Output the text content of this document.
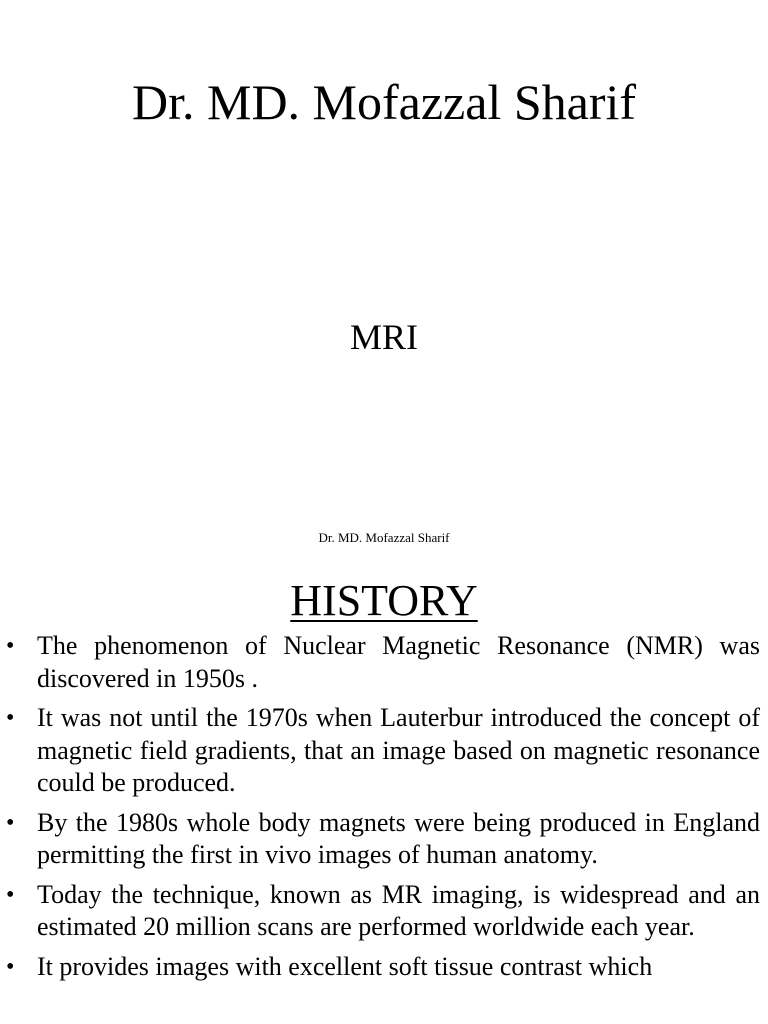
Dr. MD. Mofazzal Sharif
MRI
Dr. MD. Mofazzal Sharif
HISTORY
• The phenomenon of Nuclear Magnetic Resonance (NMR) was discovered in 1950s .
• It was not until the 1970s when Lauterbur introduced the concept of magnetic field gradients, that an image based on magnetic resonance could be produced.
• By the 1980s whole body magnets were being produced in England permitting the first in vivo images of human anatomy.
• Today the technique, known as MR imaging, is widespread and an estimated 20 million scans are performed worldwide each year.
• It provides images with excellent soft tissue contrast which
